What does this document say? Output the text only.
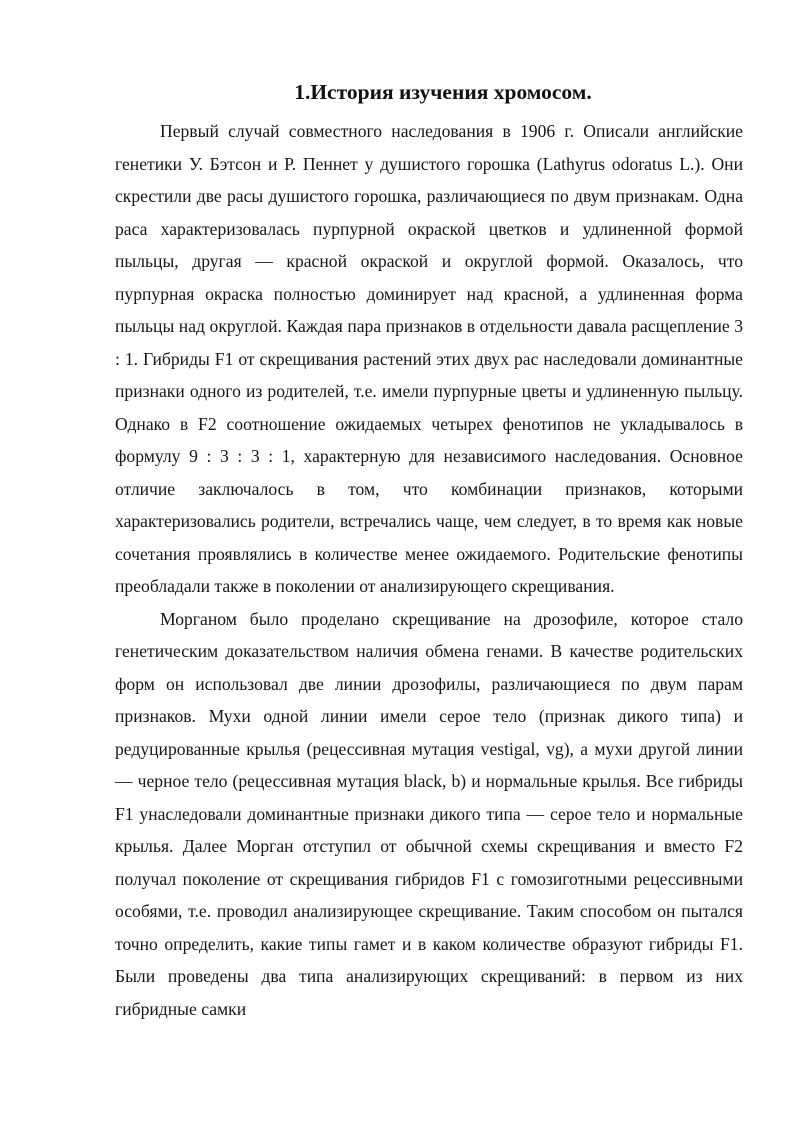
1.История изучения хромосом.

Первый случай совместного наследования в 1906 г. Описали английские генетики У. Бэтсон и Р. Пеннет у душистого горошка (Lathyrus odoratus L.). Они скрестили две расы душистого горошка, различающиеся по двум признакам. Одна раса характеризовалась пурпурной окраской цветков и удлиненной формой пыльцы, другая — красной окраской и округлой формой. Оказалось, что пурпурная окраска полностью доминирует над красной, а удлиненная форма пыльцы над округлой. Каждая пара признаков в отдельности давала расщепление 3 : 1. Гибриды F1 от скрещивания растений этих двух рас наследовали доминантные признаки одного из родителей, т.е. имели пурпурные цветы и удлиненную пыльцу. Однако в F2 соотношение ожидаемых четырех фенотипов не укладывалось в формулу 9 : 3 : 3 : 1, характерную для независимого наследования. Основное отличие заключалось в том, что комбинации признаков, которыми характеризовались родители, встречались чаще, чем следует, в то время как новые сочетания проявлялись в количестве менее ожидаемого. Родительские фенотипы преобладали также в поколении от анализирующего скрещивания.

Морганом было проделано скрещивание на дрозофиле, которое стало генетическим доказательством наличия обмена генами. В качестве родительских форм он использовал две линии дрозофилы, различающиеся по двум парам признаков. Мухи одной линии имели серое тело (признак дикого типа) и редуцированные крылья (рецессивная мутация vestigal, vg), а мухи другой линии — черное тело (рецессивная мутация black, b) и нормальные крылья. Все гибриды F1 унаследовали доминантные признаки дикого типа — серое тело и нормальные крылья. Далее Морган отступил от обычной схемы скрещивания и вместо F2 получал поколение от скрещивания гибридов F1 с гомозиготными рецессивными особями, т.е. проводил анализирующее скрещивание. Таким способом он пытался точно определить, какие типы гамет и в каком количестве образуют гибриды F1. Были проведены два типа анализирующих скрещиваний: в первом из них гибридные самки
